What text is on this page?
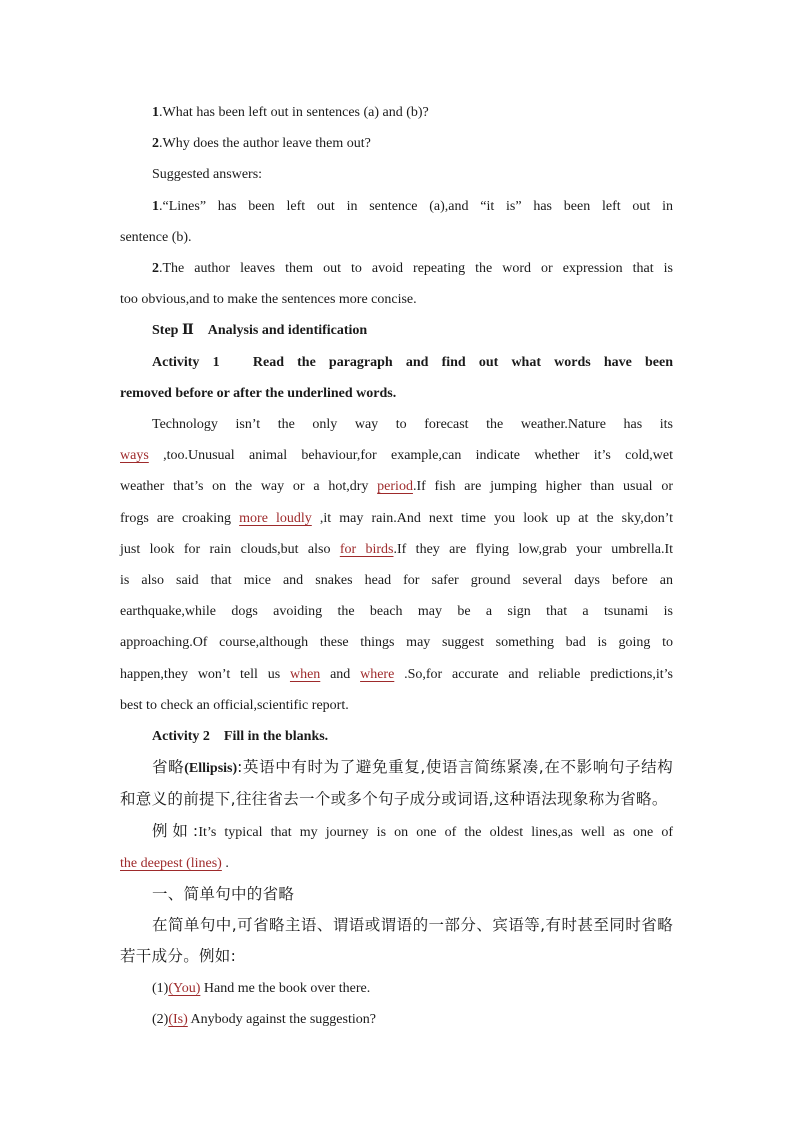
1.What has been left out in sentences (a) and (b)?

2.Why does the author leave them out?

Suggested answers:

1.“Lines” has been left out in sentence (a),and “it is” has been left out in

sentence (b).

2.The author leaves them out to avoid repeating the word or expression that is

too obvious,and to make the sentences more concise.

Step Ⅱ　Analysis and identification

Activity 1　Read the paragraph and find out what words have been

removed before or after the underlined words.

Technology isn’t the only way to forecast the weather.Nature has its

ways ,too.Unusual animal behaviour,for example,can indicate whether it’s cold,wet

weather that’s on the way or a hot,dry period.If fish are jumping higher than usual or

frogs are croaking more loudly ,it may rain.And next time you look up at the sky,don’t

just look for rain clouds,but also for birds.If they are flying low,grab your umbrella.It

is also said that mice and snakes head for safer ground several days before an

earthquake,while dogs avoiding the beach may be a sign that a tsunami is

approaching.Of course,although these things may suggest something bad is going to

happen,they won’t tell us when and where .So,for accurate and reliable predictions,it’s

best to check an official,scientific report.

Activity 2　Fill in the blanks.

省略(Ellipsis):英语中有时为了避免重复,使语言简练紧凑,在不影响句子结构

和意义的前提下,往往省去一个或多个句子成分或词语,这种语法现象称为省略。

例如:It’s typical that my journey is on one of the oldest lines,as well as one of

the deepest (lines) .

一、简单句中的省略

在简单句中,可省略主语、谓语或谓语的一部分、宾语等,有时甚至同时省略

若干成分。例如:

(1)(You) Hand me the book over there.

(2)(Is) Anybody against the suggestion?
